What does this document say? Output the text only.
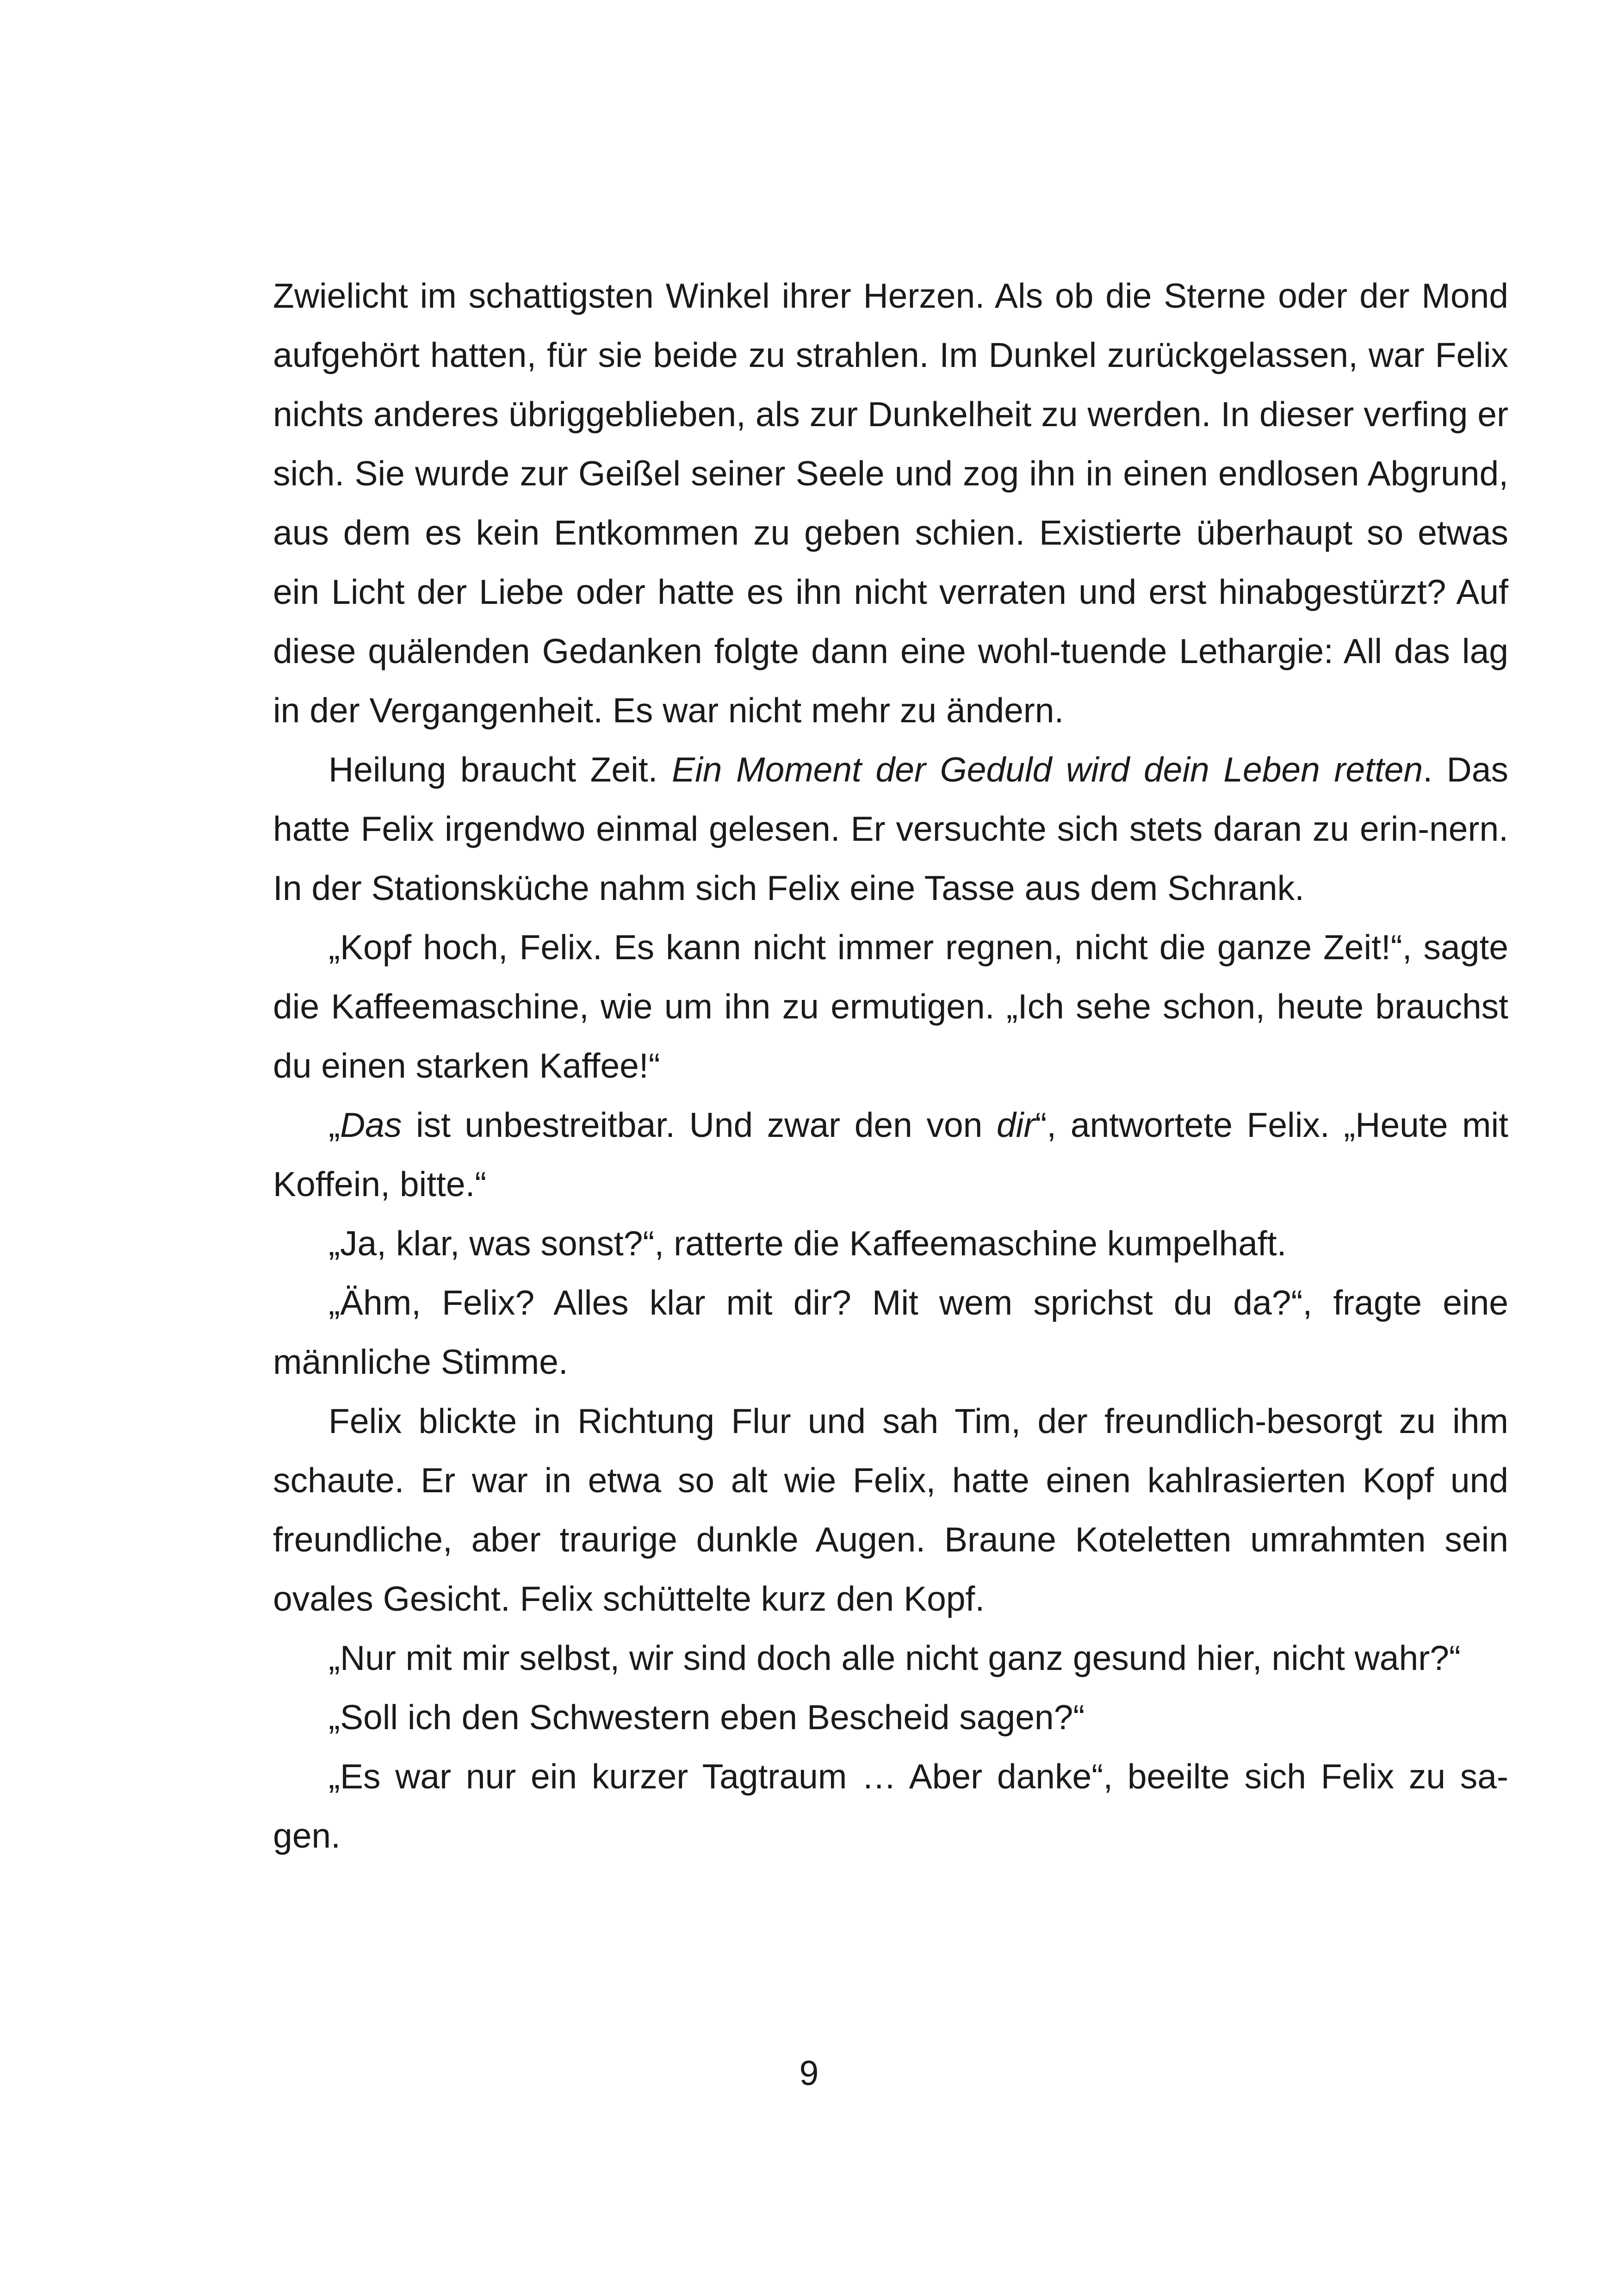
Zwielicht im schattigsten Winkel ihrer Herzen. Als ob die Sterne oder der Mond aufgehört hatten, für sie beide zu strahlen. Im Dunkel zurückgelassen, war Felix nichts anderes übriggeblieben, als zur Dunkelheit zu werden. In dieser verfing er sich. Sie wurde zur Geißel seiner Seele und zog ihn in einen endlosen Abgrund, aus dem es kein Entkommen zu geben schien. Existierte überhaupt so etwas ein Licht der Liebe oder hatte es ihn nicht verraten und erst hinabgestürzt? Auf diese quälenden Gedanken folgte dann eine wohl-tuende Lethargie: All das lag in der Vergangenheit. Es war nicht mehr zu ändern.

Heilung braucht Zeit. Ein Moment der Geduld wird dein Leben retten. Das hatte Felix irgendwo einmal gelesen. Er versuchte sich stets daran zu erin-nern. In der Stationsküche nahm sich Felix eine Tasse aus dem Schrank.

„Kopf hoch, Felix. Es kann nicht immer regnen, nicht die ganze Zeit!“, sagte die Kaffeemaschine, wie um ihn zu ermutigen. „Ich sehe schon, heute brauchst du einen starken Kaffee!“

„Das ist unbestreitbar. Und zwar den von dir“, antwortete Felix. „Heute mit Koffein, bitte.“

„Ja, klar, was sonst?“, ratterte die Kaffeemaschine kumpelhaft.

„Ähm, Felix? Alles klar mit dir? Mit wem sprichst du da?“, fragte eine männliche Stimme.

Felix blickte in Richtung Flur und sah Tim, der freundlich-besorgt zu ihm schaute. Er war in etwa so alt wie Felix, hatte einen kahlrasierten Kopf und freundliche, aber traurige dunkle Augen. Braune Koteletten umrahmten sein ovales Gesicht. Felix schüttelte kurz den Kopf.

„Nur mit mir selbst, wir sind doch alle nicht ganz gesund hier, nicht wahr?“

„Soll ich den Schwestern eben Bescheid sagen?“

„Es war nur ein kurzer Tagtraum … Aber danke“, beeilte sich Felix zu sa-gen.

9
